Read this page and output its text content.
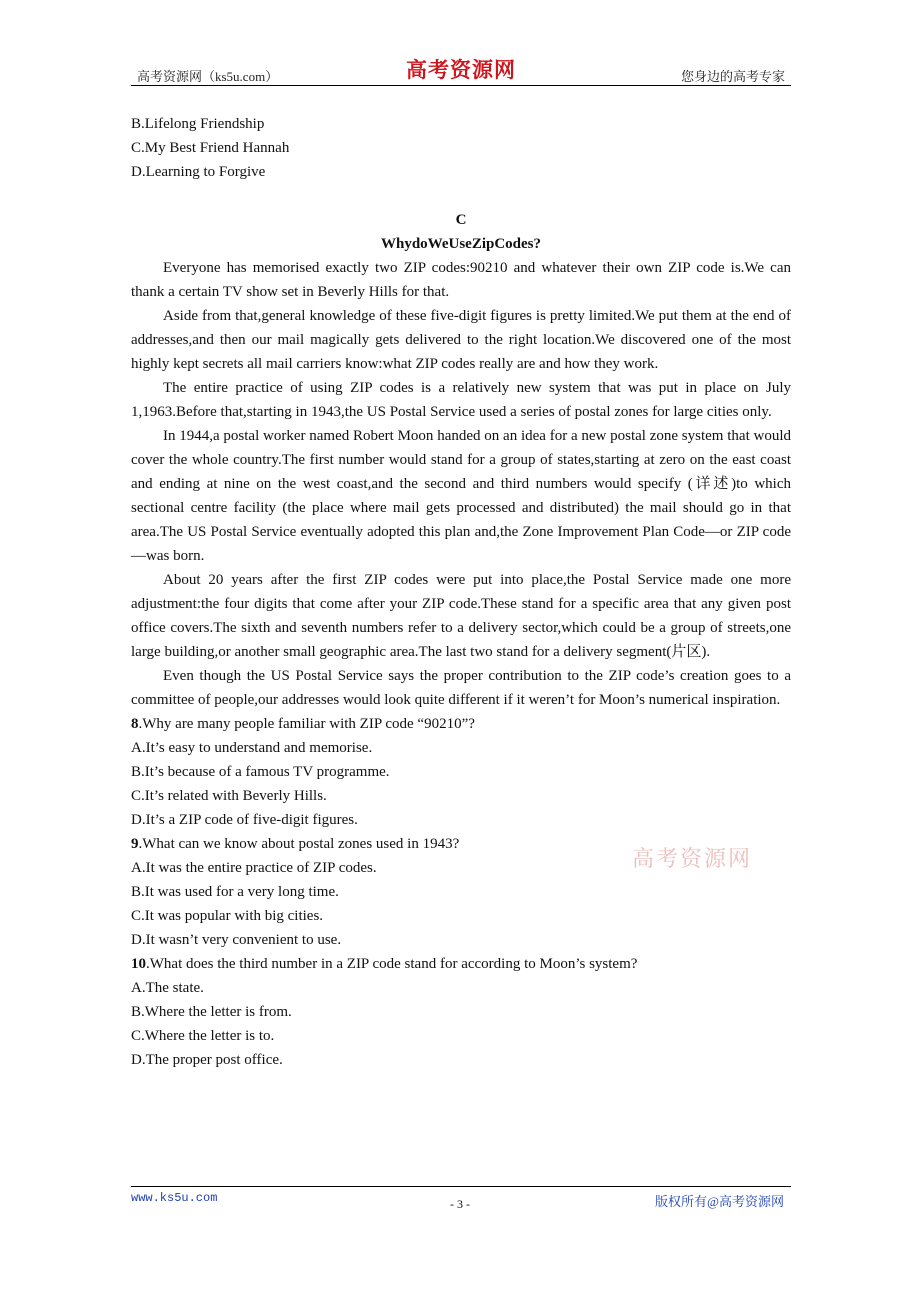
高考资源网（ks5u.com）	高考资源网	您身边的高考专家

B.Lifelong Friendship

C.My Best Friend Hannah

D.Learning to Forgive

C

WhydoWeUseZipCodes?

Everyone has memorised exactly two ZIP codes:90210 and whatever their own ZIP code is.We can thank a certain TV show set in Beverly Hills for that.

Aside from that,general knowledge of these five-digit figures is pretty limited.We put them at the end of addresses,and then our mail magically gets delivered to the right location.We discovered one of the most highly kept secrets all mail carriers know:what ZIP codes really are and how they work.

The entire practice of using ZIP codes is a relatively new system that was put in place on July 1,1963.Before that,starting in 1943,the US Postal Service used a series of postal zones for large cities only.

In 1944,a postal worker named Robert Moon handed on an idea for a new postal zone system that would cover the whole country.The first number would stand for a group of states,starting at zero on the east coast and ending at nine on the west coast,and the second and third numbers would specify (详述)to which sectional centre facility (the place where mail gets processed and distributed) the mail should go in that area.The US Postal Service eventually adopted this plan and,the Zone Improvement Plan Code—or ZIP code—was born.

About 20 years after the first ZIP codes were put into place,the Postal Service made one more adjustment:the four digits that come after your ZIP code.These stand for a specific area that any given post office covers.The sixth and seventh numbers refer to a delivery sector,which could be a group of streets,one large building,or another small geographic area.The last two stand for a delivery segment(片区).

Even though the US Postal Service says the proper contribution to the ZIP code’s creation goes to a committee of people,our addresses would look quite different if it weren’t for Moon’s numerical inspiration.

8.Why are many people familiar with ZIP code “90210”?

A.It’s easy to understand and memorise.

B.It’s because of a famous TV programme.

C.It’s related with Beverly Hills.

D.It’s a ZIP code of five-digit figures.

9.What can we know about postal zones used in 1943?

A.It was the entire practice of ZIP codes.

B.It was used for a very long time.

C.It was popular with big cities.

D.It wasn’t very convenient to use.

10.What does the third number in a ZIP code stand for according to Moon’s system?

A.The state.

B.Where the letter is from.

C.Where the letter is to.

D.The proper post office.

高考资源网
www.ks5u.com	- 3 -	版权所有@高考资源网
